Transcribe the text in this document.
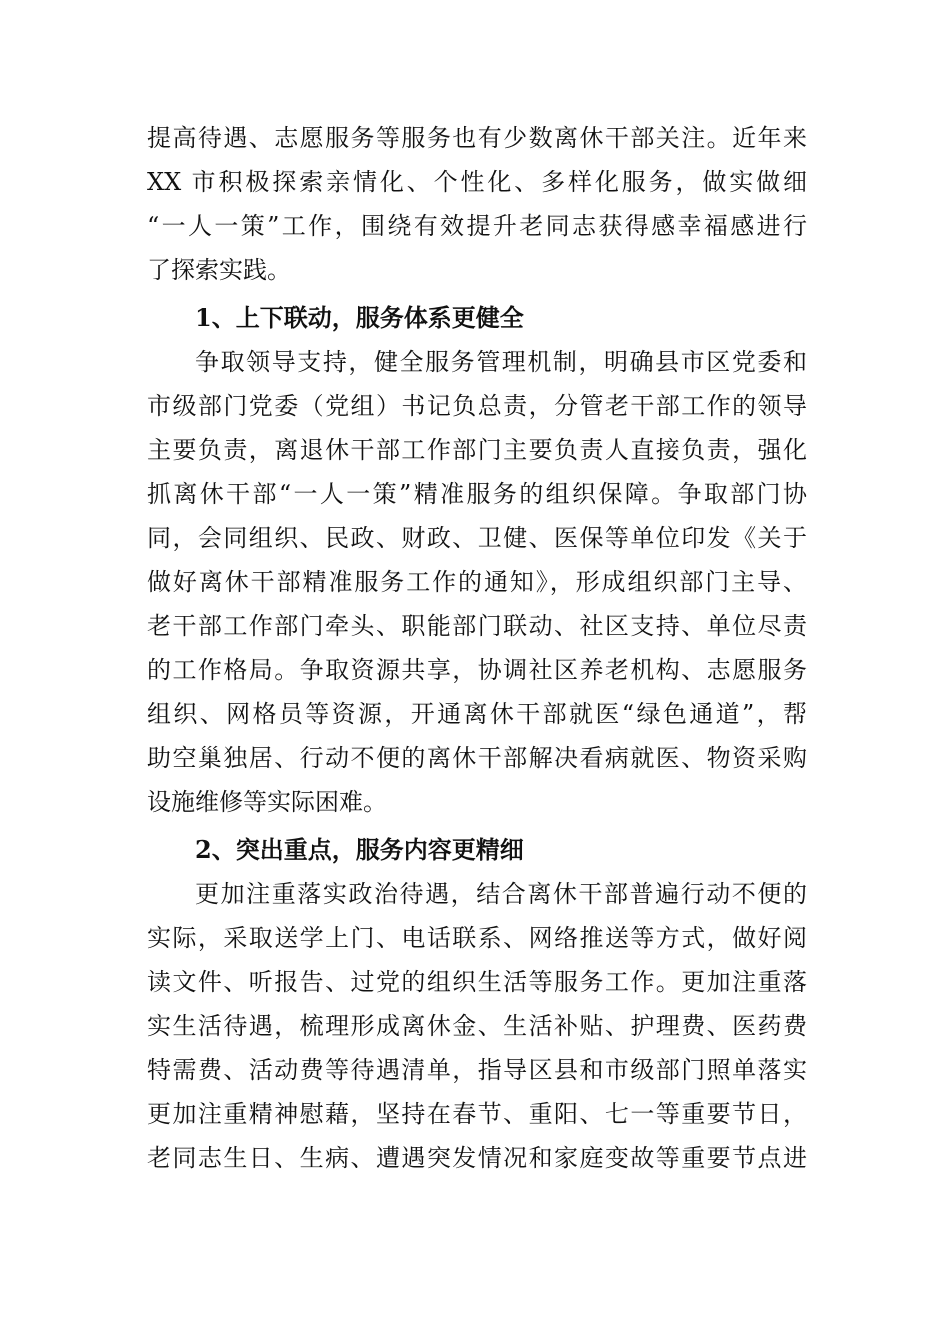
提高待遇、志愿服务等服务也有少数离休干部关注。近年来
XX 市积极探索亲情化、个性化、多样化服务，做实做细
“一人一策”工作，围绕有效提升老同志获得感幸福感进行
了探索实践。
1、上下联动，服务体系更健全
争取领导支持，健全服务管理机制，明确县市区党委和
市级部门党委（党组）书记负总责，分管老干部工作的领导
主要负责，离退休干部工作部门主要负责人直接负责，强化
抓离休干部“一人一策”精准服务的组织保障。争取部门协
同，会同组织、民政、财政、卫健、医保等单位印发《关于
做好离休干部精准服务工作的通知》，形成组织部门主导、
老干部工作部门牵头、职能部门联动、社区支持、单位尽责
的工作格局。争取资源共享，协调社区养老机构、志愿服务
组织、网格员等资源，开通离休干部就医“绿色通道”，帮
助空巢独居、行动不便的离休干部解决看病就医、物资采购
设施维修等实际困难。
2、突出重点，服务内容更精细
更加注重落实政治待遇，结合离休干部普遍行动不便的
实际，采取送学上门、电话联系、网络推送等方式，做好阅
读文件、听报告、过党的组织生活等服务工作。更加注重落
实生活待遇，梳理形成离休金、生活补贴、护理费、医药费
特需费、活动费等待遇清单，指导区县和市级部门照单落实
更加注重精神慰藉，坚持在春节、重阳、七一等重要节日，
老同志生日、生病、遭遇突发情况和家庭变故等重要节点进
